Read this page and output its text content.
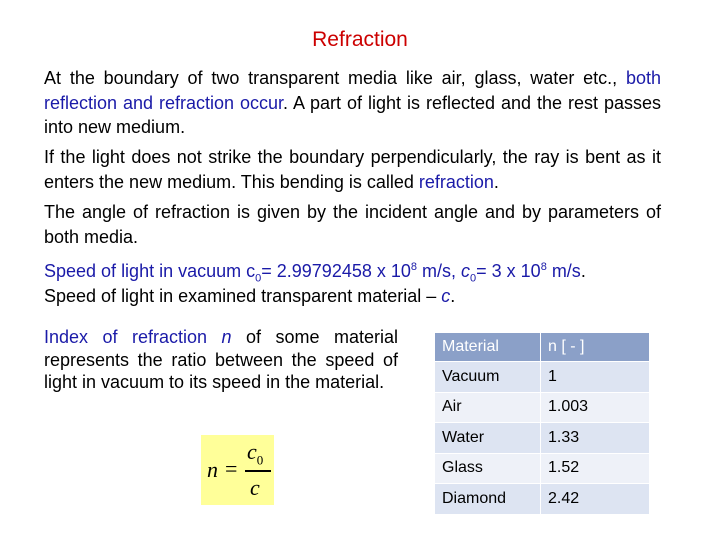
Refraction

At the boundary of two transparent media like air, glass, water etc., both reflection and refraction occur. A part of light is reflected and the rest passes into new medium.

If the light does not strike the boundary perpendicularly, the ray is bent as it enters the new medium. This bending is called refraction.

The angle of refraction is given by the incident angle and by parameters of both media.

Speed of light in vacuum $c_0= 2.99792458$ x $10^8$ m/s, $c_0= 3$ x $10^8$ m/s.
Speed of light in examined transparent material – c.

Index of refraction n of some material represents the ratio between the speed of light in vacuum to its speed in the material.

n =
$c_0$
c
Material	n [ - ]
Vacuum	1
Air	1.003
Water	1.33
Glass	1.52
Diamond	2.42
